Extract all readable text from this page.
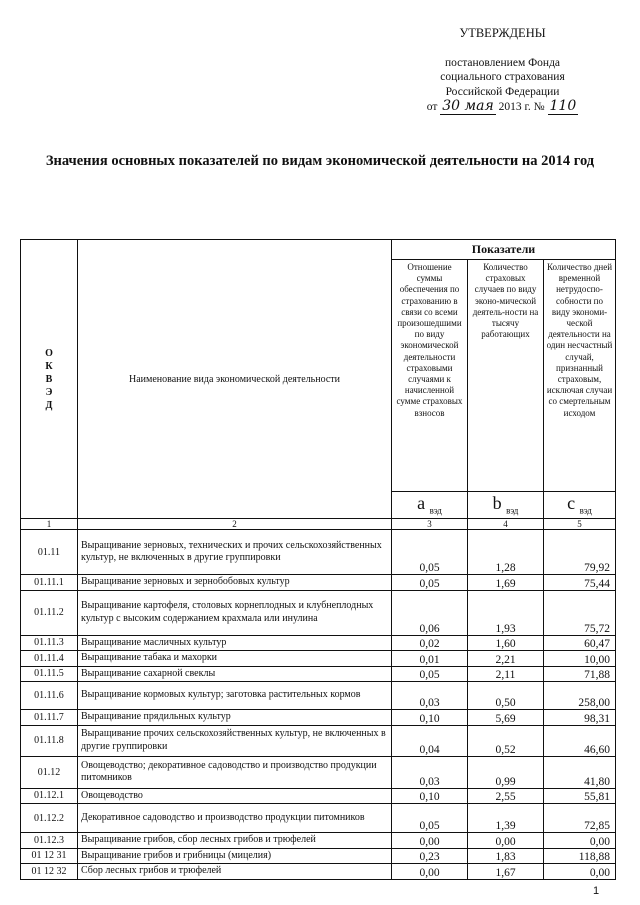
УТВЕРЖДЕНЫ
постановлением Фонда
социального страхования
Российской Федерации
от 30 мая 2013 г. № 110
Значения основных показателей по видам экономической деятельности на 2014 год
О
К
В
Э
Д	Наименование вида экономической деятельности	Показатели		
		Отношение суммы обеспечения по страхованию в связи со всеми произошедшими по виду экономической деятельности страховыми случаями к начисленной сумме страховых взносов	Количество страховых случаев по виду эконо-мической деятель-ности на тысячу работающих	Количество дней временной нетрудоспо-собности по виду экономи-ческой деятельности на один несчастный случай, признанный страховым, исключая случаи со смертельным исходом
		a $_{вэд}$	b $_{вэд}$	c $_{вэд}$
1	2	3	4	5
01.11	Выращивание зерновых, технических и прочих сельскохозяйственных культур, не включенных в другие группировки	0,05	1,28	79,92
01.11.1	Выращивание зерновых и зернобобовых культур	0,05	1,69	75,44
01.11.2	Выращивание картофеля, столовых корнеплодных и клубнеплодных культур с высоким содержанием крахмала или инулина	0,06	1,93	75,72
01.11.3	Выращивание масличных культур	0,02	1,60	60,47
01.11.4	Выращивание табака и махорки	0,01	2,21	10,00
01.11.5	Выращивание сахарной свеклы	0,05	2,11	71,88
01.11.6	Выращивание кормовых культур; заготовка растительных кормов	0,03	0,50	258,00
01.11.7	Выращивание прядильных культур	0,10	5,69	98,31
01.11.8	Выращивание прочих сельскохозяйственных культур, не включенных в другие группировки	0,04	0,52	46,60
01.12	Овощеводство; декоративное садоводство и производство продукции питомников	0,03	0,99	41,80
01.12.1	Овощеводство	0,10	2,55	55,81
01.12.2	Декоративное садоводство и производство продукции питомников	0,05	1,39	72,85
01.12.3	Выращивание грибов, сбор лесных грибов и трюфелей	0,00	0,00	0,00
01 12 31	Выращивание грибов и грибницы (мицелия)	0,23	1,83	118,88
01 12 32	Сбор лесных грибов и трюфелей	0,00	1,67	0,00
1
